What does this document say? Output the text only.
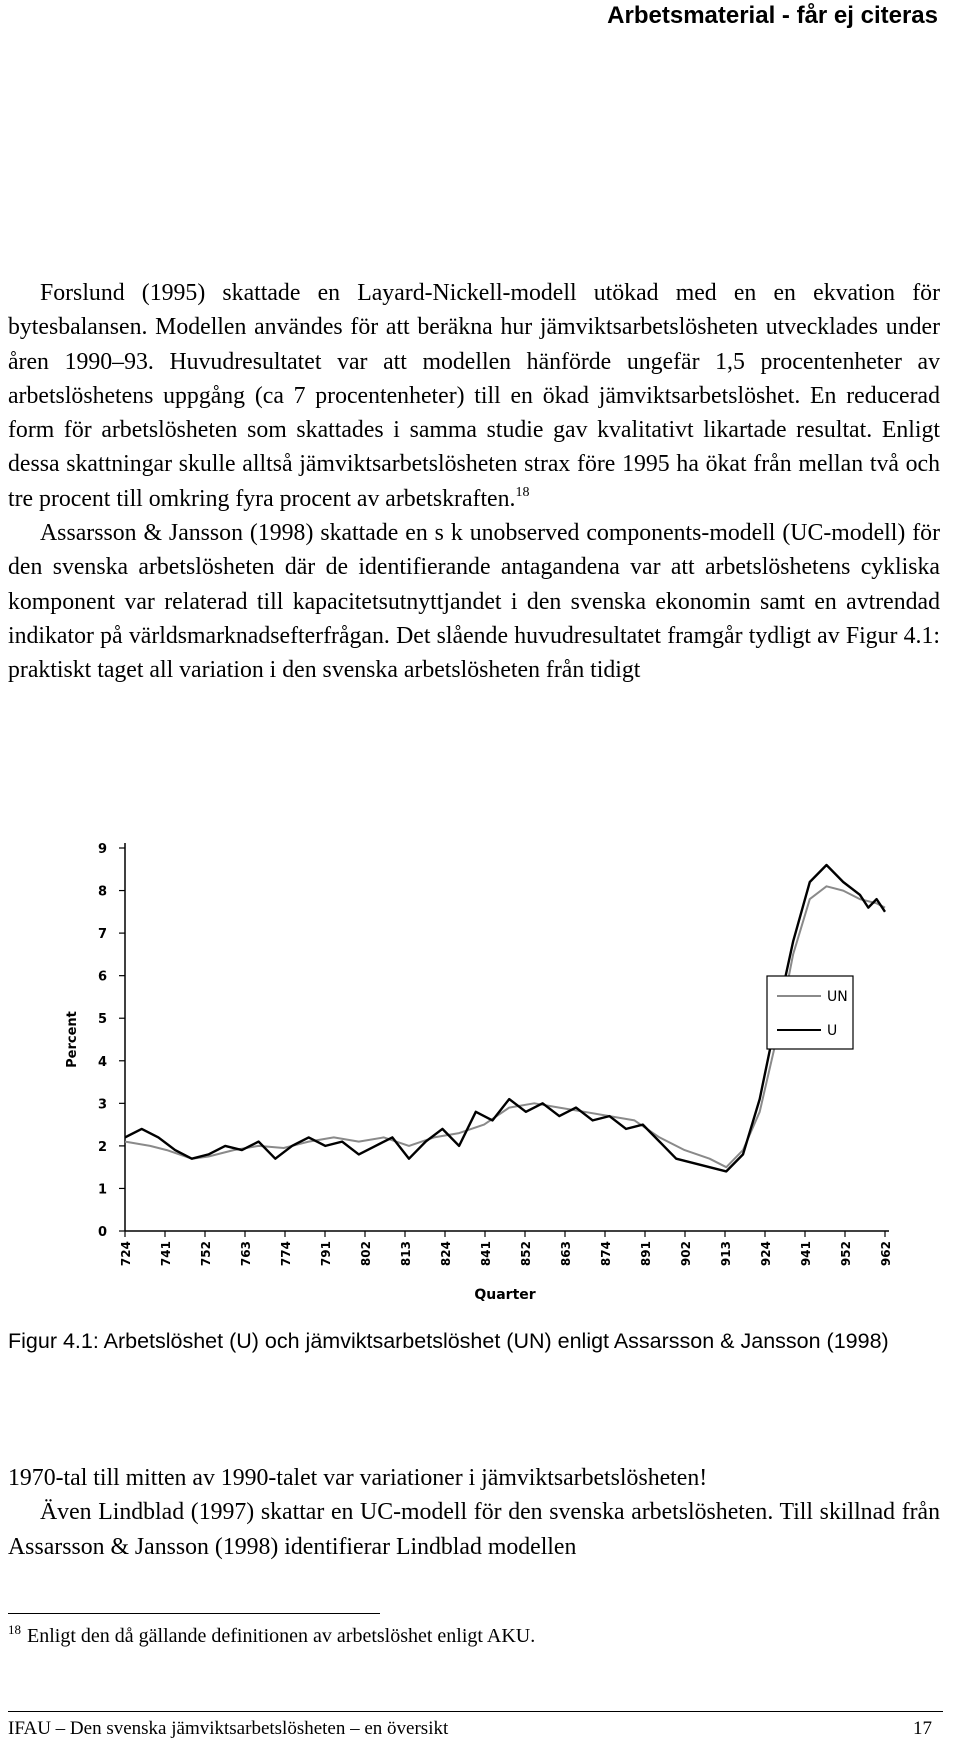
Arbetsmaterial - får ej citeras

Forslund (1995) skattade en Layard-Nickell-modell utökad med en en ekvation för bytesbalansen. Modellen användes för att beräkna hur jämviktsarbetslösheten utvecklades under åren 1990–93. Huvudresultatet var att modellen hänförde ungefär 1,5 procentenheter av arbetslöshetens uppgång (ca 7 procentenheter) till en ökad jämviktsarbetslöshet. En reducerad form för arbetslösheten som skattades i samma studie gav kvalitativt likartade resultat. Enligt dessa skattningar skulle alltså jämviktsarbetslösheten strax före 1995 ha ökat från mellan två och tre procent till omkring fyra procent av arbetskraften.$^{18}$

Assarsson & Jansson (1998) skattade en s k unobserved components-modell (UC-modell) för den svenska arbetslösheten där de identifierande antagandena var att arbetslöshetens cykliska komponent var relaterad till kapacitetsutnyttjandet i den svenska ekonomin samt en avtrendad indikator på världsmarknadsefterfrågan. Det slående huvudresultatet framgår tydligt av Figur 4.1: praktiskt taget all variation i den svenska arbetslösheten från tidigt

0
1
2
3
4
5
6
7
8
9
724 741 752 763 774 791 802 813 824 841 852 863 874 891 902 913 924 941 952 962
Percent
Quarter
UN
U
Figur 4.1: Arbetslöshet (U) och jämviktsarbetslöshet (UN) enligt Assarsson & Jansson (1998)

1970-tal till mitten av 1990-talet var variationer i jämviktsarbetslösheten!

Även Lindblad (1997) skattar en UC-modell för den svenska arbetslösheten. Till skillnad från Assarsson & Jansson (1998) identifierar Lindblad modellen

$^{18}$ Enligt den då gällande definitionen av arbetslöshet enligt AKU.
IFAU – Den svenska jämviktsarbetslösheten – en översikt	17
